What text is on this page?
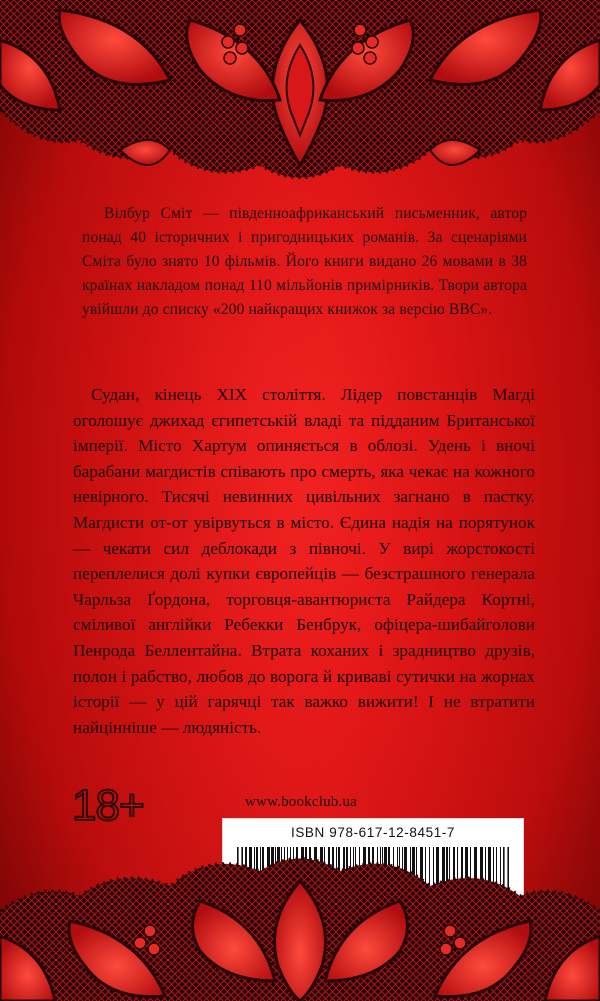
Вілбур Сміт — південноафриканський письменник, автор понад 40 історичних і пригодницьких романів. За сценаріями Сміта було знято 10 фільмів. Його книги видано 26 мовами в 38 країнах накладом понад 110 мільйонів примірників. Твори автора увійшли до списку «200 найкращих книжок за версію BBC».

Судан, кінець XIX століття. Лідер повстанців Магді оголошує джихад єгипетській владі та підданим Британської імперії. Місто Хартум опиняється в облозі. Удень і вночі барабани магдистів співають про смерть, яка чекає на кожного невірного. Тисячі невинних цивільних загнано в пастку. Магдисти от-от увірвуться в місто. Єдина надія на порятунок — чекати сил деблокади з півночі. У вирі жорстокості переплелися долі купки європейців — безстрашного генерала Чарльза Ґордона, торговця-авантюриста Райдера Кортні, сміливої англійки Ребекки Бенбрук, офіцера-шибайголови Пенрода Беллентайна. Втрата коханих і зрадництво друзів, полон і рабство, любов до ворога й криваві сутички на жорнах історії — у цій гарячці так важко вижити! І не втратити найцінніше — людяність.

18+	www.bookclub.ua
ISBN 978-617-12-8451-7
